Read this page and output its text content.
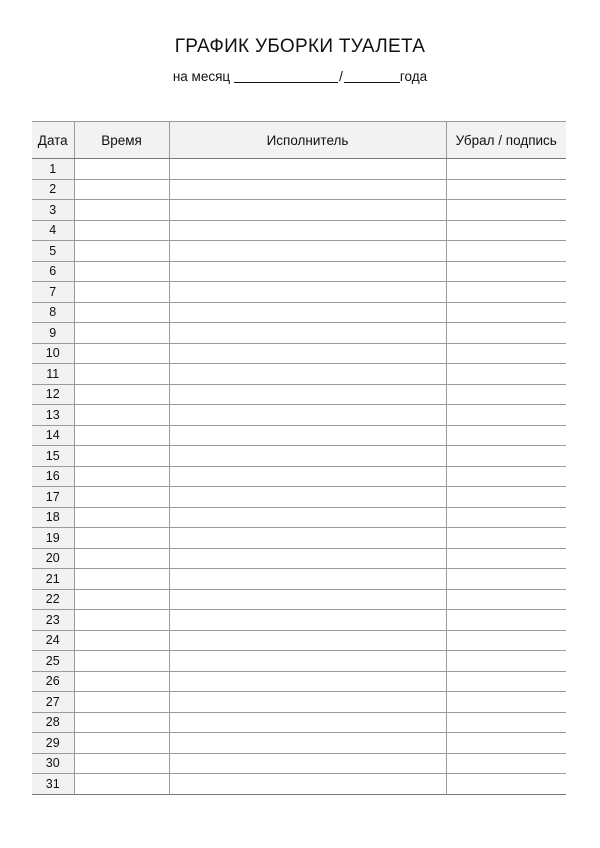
ГРАФИК УБОРКИ ТУАЛЕТА
на месяц	/	года
Дата	Время	Исполнитель	Убрал / подпись
1			
2			
3			
4			
5			
6			
7			
8			
9			
10			
11			
12			
13			
14			
15			
16			
17			
18			
19			
20			
21			
22			
23			
24			
25			
26			
27			
28			
29			
30			
31			
